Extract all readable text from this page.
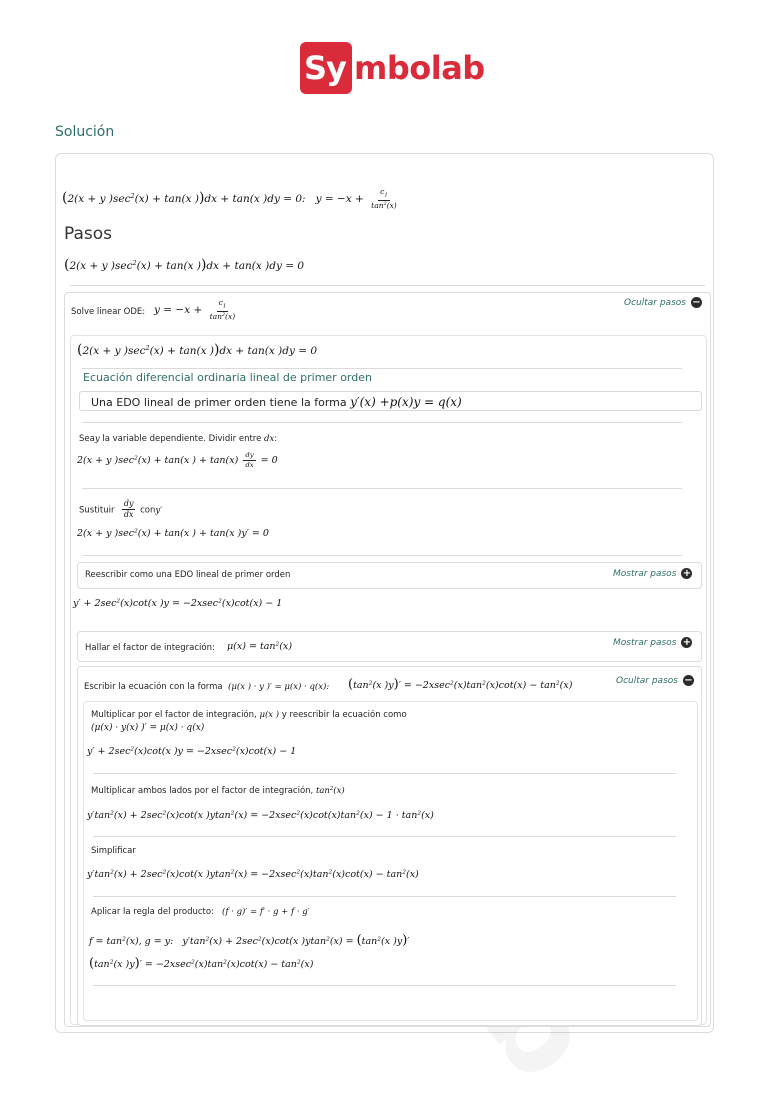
Sy mbolab
Solución
(2(x + y )$\sec^2(x) + \tan(x$ ))dx + tan(x )dy = 0:   $y = -x + \frac{c_1}{\tan^2(x)}$
Pasos
(2(x + y )$\sec^2(x) + \tan(x$ ))dx + tan(x )dy = 0
Solve linear ODE: $y = -x + \frac{c_1}{\tan^2(x)}$	Ocultar pasos −
(2(x + y )$\sec^2(x) + \tan(x$ ))dx + tan(x )dy = 0
Ecuación diferencial ordinaria lineal de primer orden
Una EDO lineal de primer orden tiene la forma y′(x) +p(x)y = q(x)
Seay la variable dependiente. Dividir entre dx:
2(x + y )$\sec^2(x) + \tan(x$ ) + $\tan(x) \frac{dy}{dx} = 0$
Sustituir $\frac{dy}{dx}$ cony′
2(x + y )$\sec^2(x) + \tan(x$ ) + tan(x )y′ = 0
Reescribir como una EDO lineal de primer orden	Mostrar pasos +
$y' + 2\sec^2(x)\cot(x$ )y = −2xsec$^2$(x)cot(x) − 1
Hallar el factor de integración: $\mu(x) = \tan^2(x)$	Mostrar pasos +
Escribir la ecuación con la forma (μ(x ) · y )′ = μ(x) · q(x): ($\tan^2(x$ )$y)' = -2xsec^2(x)\tan^2(x)\cot(x) - \tan^2(x)$	Ocultar pasos −
Multiplicar por el factor de integración, μ(x ) y reescribir la ecuación como
(μ(x) · y(x) )′ = μ(x) · q(x)
$y' + 2\sec^2(x)\cot(x$ )y = −2xsec$^2$(x)cot(x) − 1
Multiplicar ambos lados por el factor de integración, $\tan^2(x)$
$y'\tan^2(x) + 2\sec^2(x)\cot(x$ )$ytan^2(x) = -2xsec^2(x)\cot(x)\tan^2(x) - 1 \cdot \tan^2(x)$
Simplificar
$y'\tan^2(x) + 2\sec^2(x)\cot(x$ )$ytan^2(x) = -2xsec^2(x)\tan^2(x)\cot(x) - \tan^2(x)$
Aplicar la regla del producto: (f · g)′ = f′ · g + f · g′
$f = \tan^2(x)$, g = y:   $y'\tan^2(x) + 2\sec^2(x)\cot(x$ )$ytan^2(x) = (\tan^2(x$ )y)′
($\tan^2(x$ )$y)' = -2xsec^2(x)\tan^2(x)\cot(x) - \tan^2(x)$
